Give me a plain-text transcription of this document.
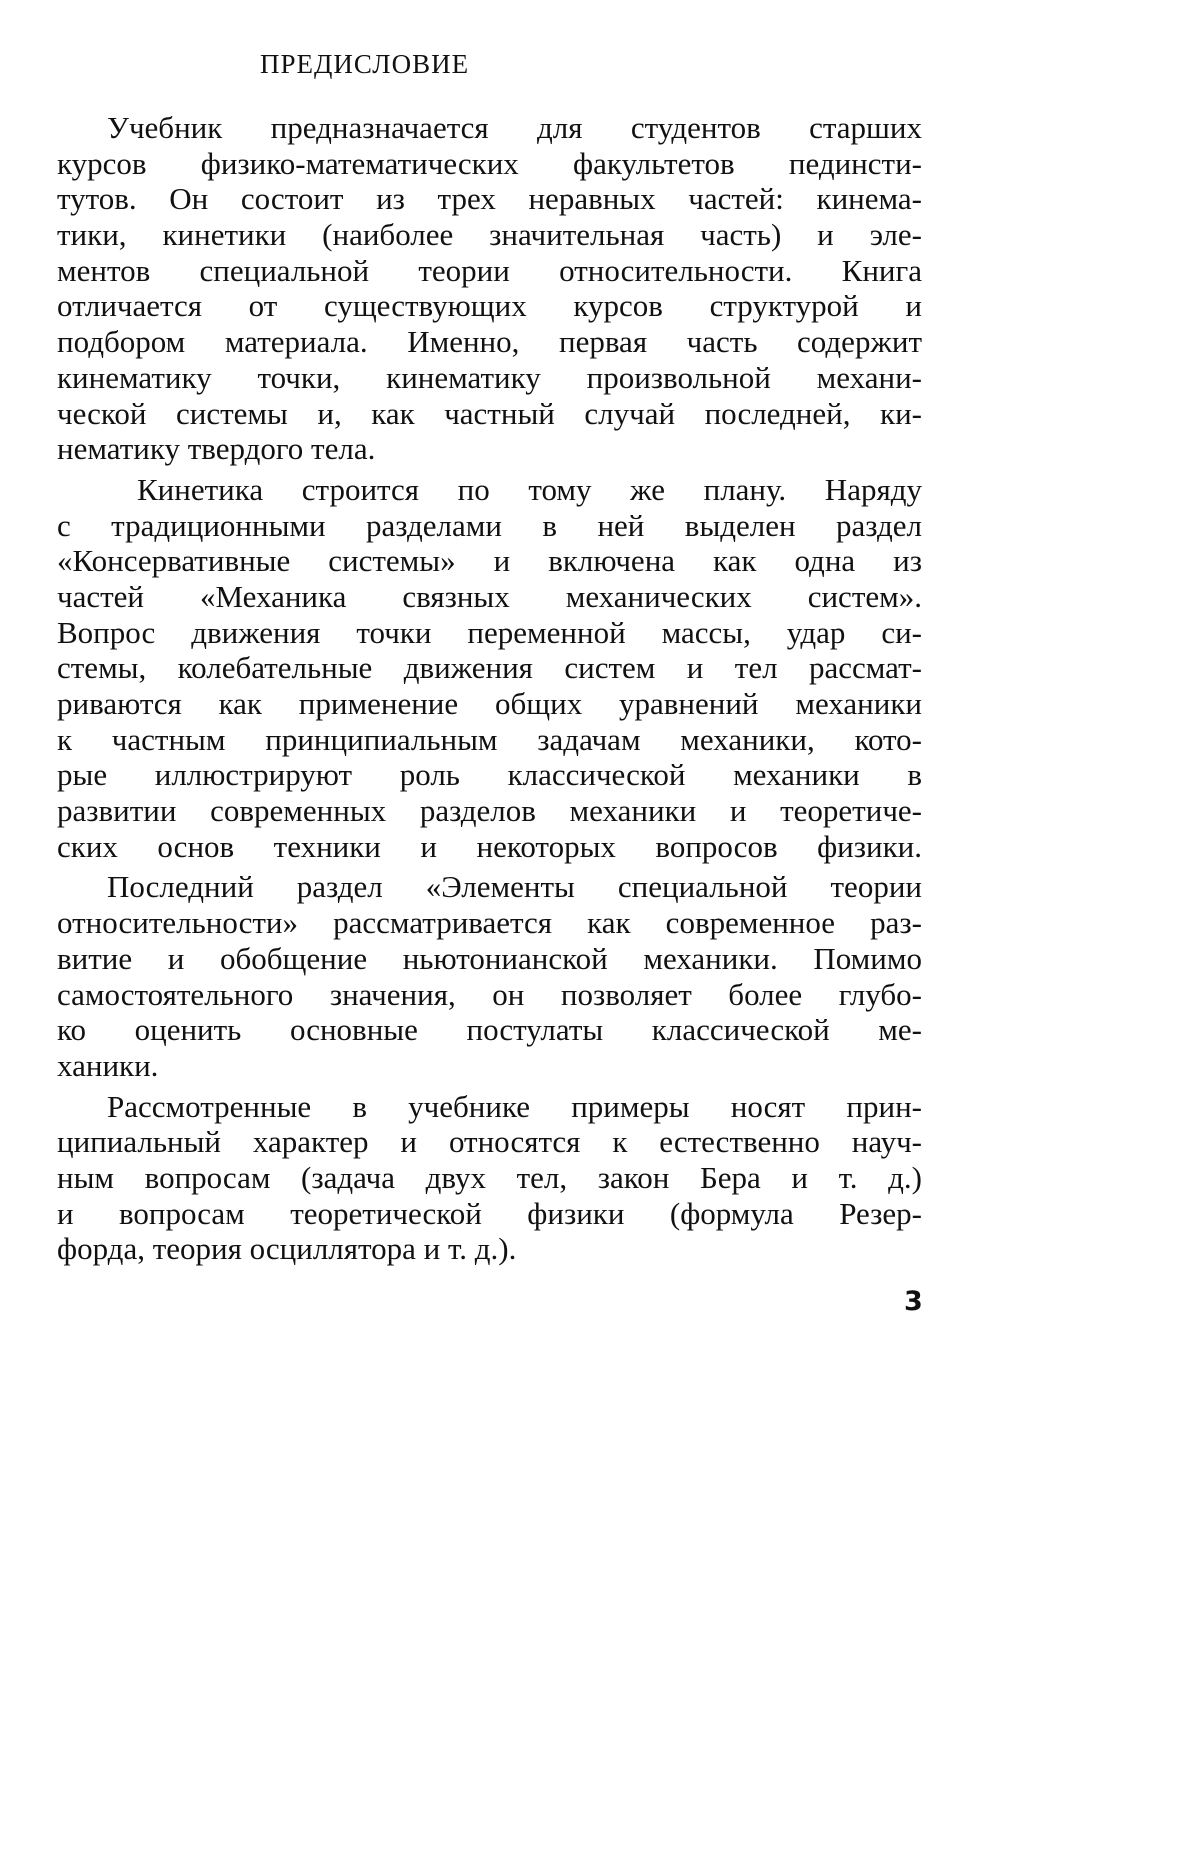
ПРЕДИСЛОВИЕ
Учебник предназначается для студентов старших
курсов физико-математических факультетов пединсти-
тутов. Он состоит из трех неравных частей: кинема-
тики, кинетики (наиболее значительная часть) и эле-
ментов специальной теории относительности. Книга
отличается от существующих курсов структурой и
подбором материала. Именно, первая часть содержит
кинематику точки, кинематику произвольной механи-
ческой системы и, как частный случай последней, ки-
нематику твердого тела.
Кинетика строится по тому же плану. Наряду
с традиционными разделами в ней выделен раздел
«Консервативные системы» и включена как одна из
частей «Механика связных механических систем».
Вопрос движения точки переменной массы, удар си-
стемы, колебательные движения систем и тел рассмат-
риваются как применение общих уравнений механики
к частным принципиальным задачам механики, кото-
рые иллюстрируют роль классической механики в
развитии современных разделов механики и теоретиче-
ских основ техники и некоторых вопросов физики.
Последний раздел «Элементы специальной теории
относительности» рассматривается как современное раз-
витие и обобщение ньютонианской механики. Помимо
самостоятельного значения, он позволяет более глубо-
ко оценить основные постулаты классической ме-
ханики.
Рассмотренные в учебнике примеры носят прин-
ципиальный характер и относятся к естественно науч-
ным вопросам (задача двух тел, закон Бера и т. д.)
и вопросам теоретической физики (формула Резер-
форда, теория осциллятора и т. д.).
3
